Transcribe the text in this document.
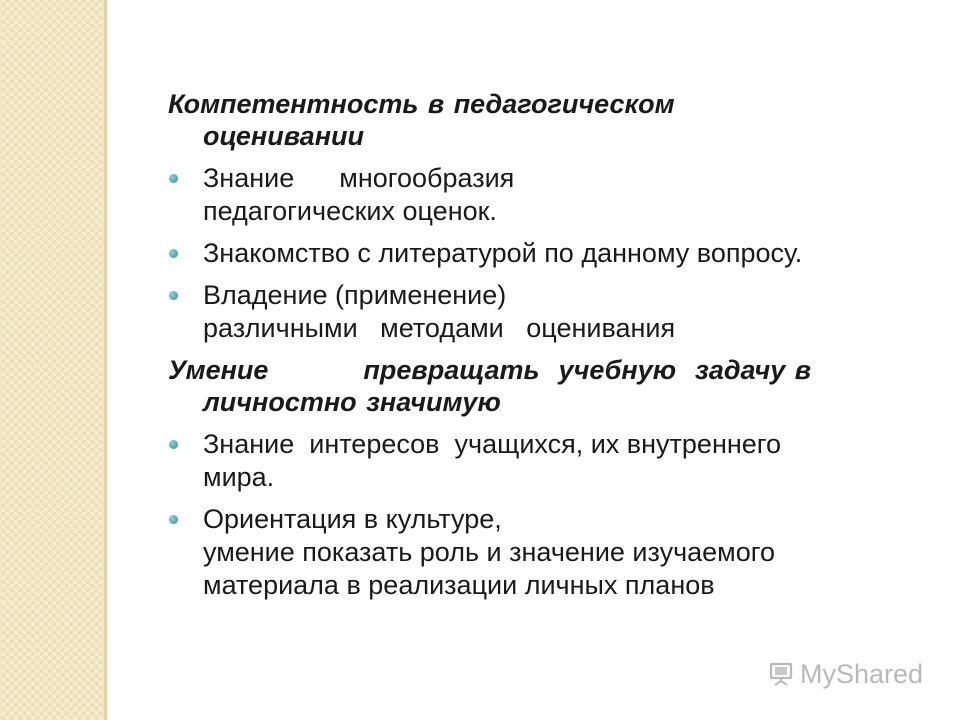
Компетентность в педагогическом
оценивании
Знание      многообразия
педагогических оценок.
Знакомство с литературой по данному вопросу.
Владение (применение)
различными   методами   оценивания
Умение          превращать  учебную  задачу в
личностно значимую
Знание  интересов  учащихся, их внутреннего
мира.
Ориентация в культуре,
умение показать роль и значение изучаемого
материала в реализации личных планов
MyShared
